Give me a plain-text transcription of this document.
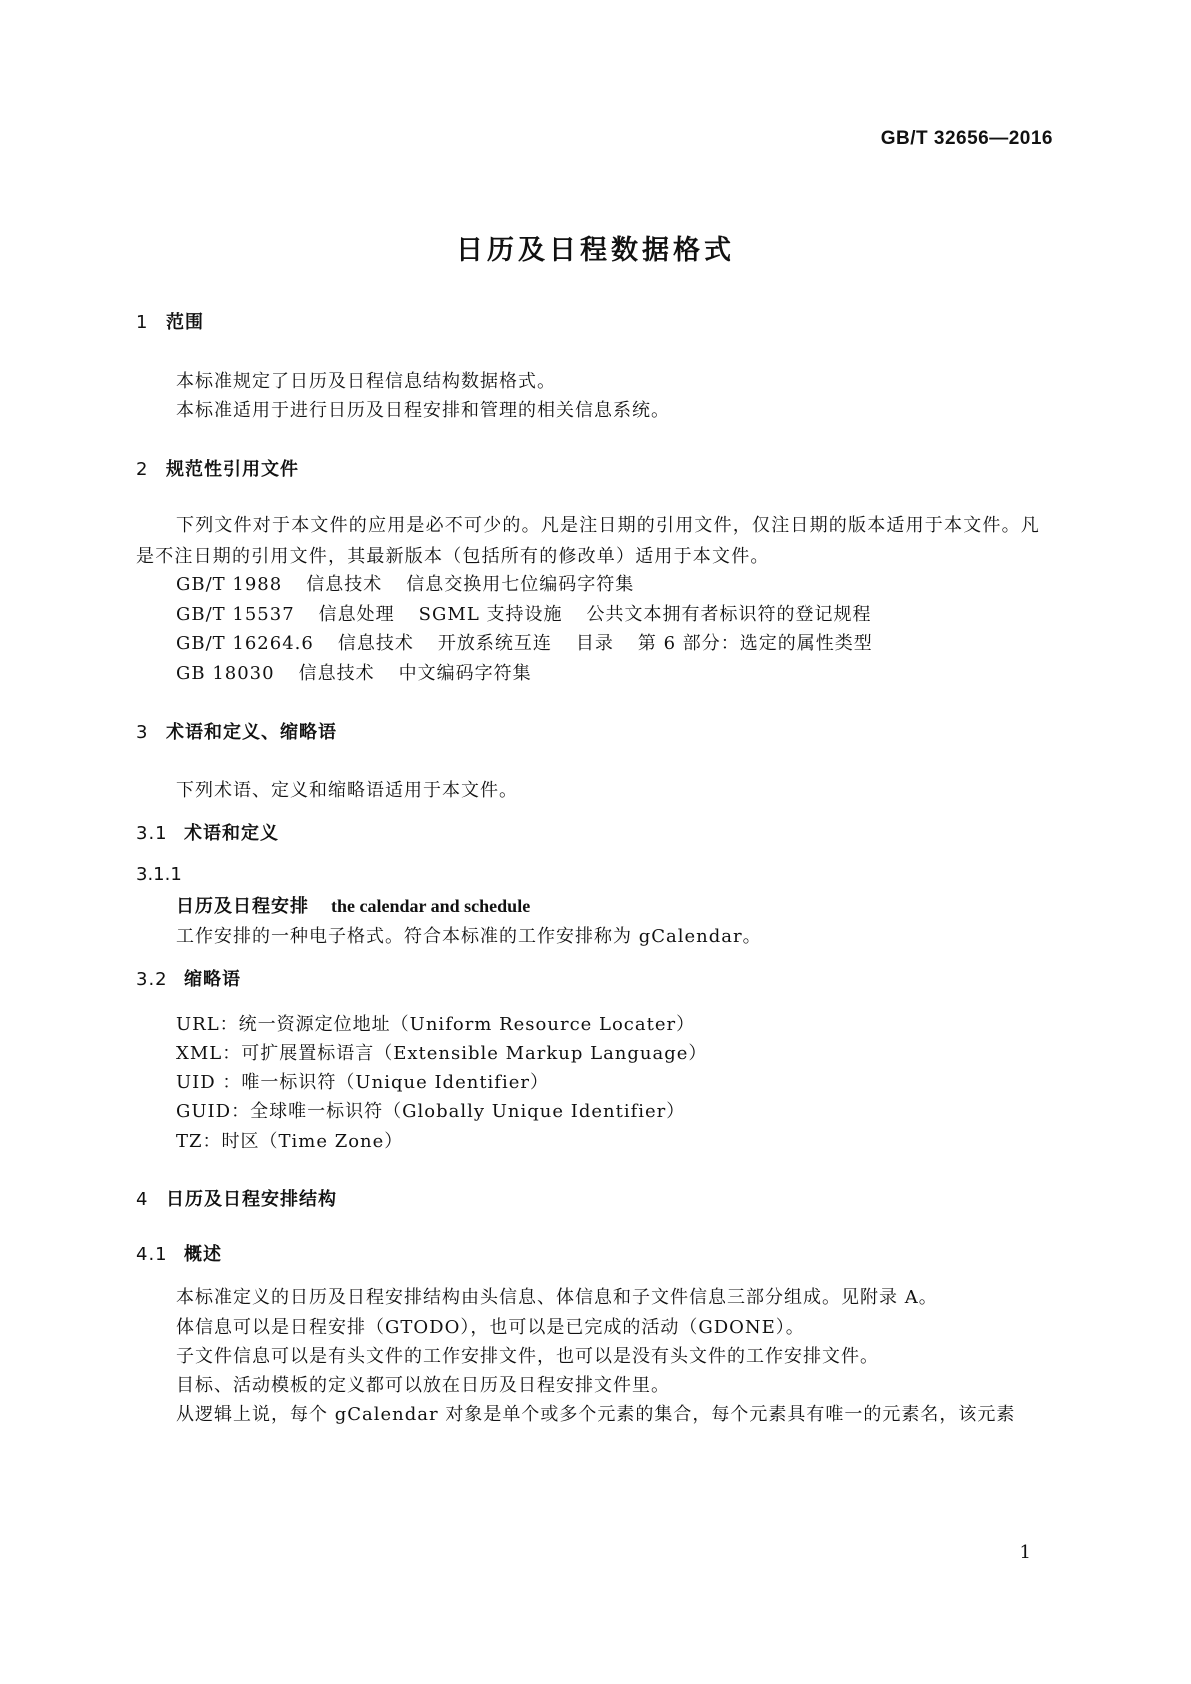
GB/T 32656—2016
日历及日程数据格式
1 范围
本标准规定了日历及日程信息结构数据格式。
本标准适用于进行日历及日程安排和管理的相关信息系统。
2 规范性引用文件
下列文件对于本文件的应用是必不可少的。凡是注日期的引用文件，仅注日期的版本适用于本文件。凡是不注日期的引用文件，其最新版本（包括所有的修改单）适用于本文件。
GB/T 1988 信息技术 信息交换用七位编码字符集
GB/T 15537 信息处理 SGML 支持设施 公共文本拥有者标识符的登记规程
GB/T 16264.6 信息技术 开放系统互连 目录 第 6 部分：选定的属性类型
GB 18030 信息技术 中文编码字符集
3 术语和定义、缩略语
下列术语、定义和缩略语适用于本文件。
3.1 术语和定义
3.1.1
日历及日程安排 the calendar and schedule
工作安排的一种电子格式。符合本标准的工作安排称为 gCalendar。
3.2 缩略语
URL：统一资源定位地址（Uniform Resource Locater）
XML：可扩展置标语言（Extensible Markup Language）
UID ：唯一标识符（Unique Identifier）
GUID：全球唯一标识符（Globally Unique Identifier）
TZ：时区（Time Zone）
4 日历及日程安排结构
4.1 概述
本标准定义的日历及日程安排结构由头信息、体信息和子文件信息三部分组成。见附录 A。
体信息可以是日程安排（GTODO），也可以是已完成的活动（GDONE）。
子文件信息可以是有头文件的工作安排文件，也可以是没有头文件的工作安排文件。
目标、活动模板的定义都可以放在日历及日程安排文件里。
从逻辑上说，每个 gCalendar 对象是单个或多个元素的集合，每个元素具有唯一的元素名，该元素
1
